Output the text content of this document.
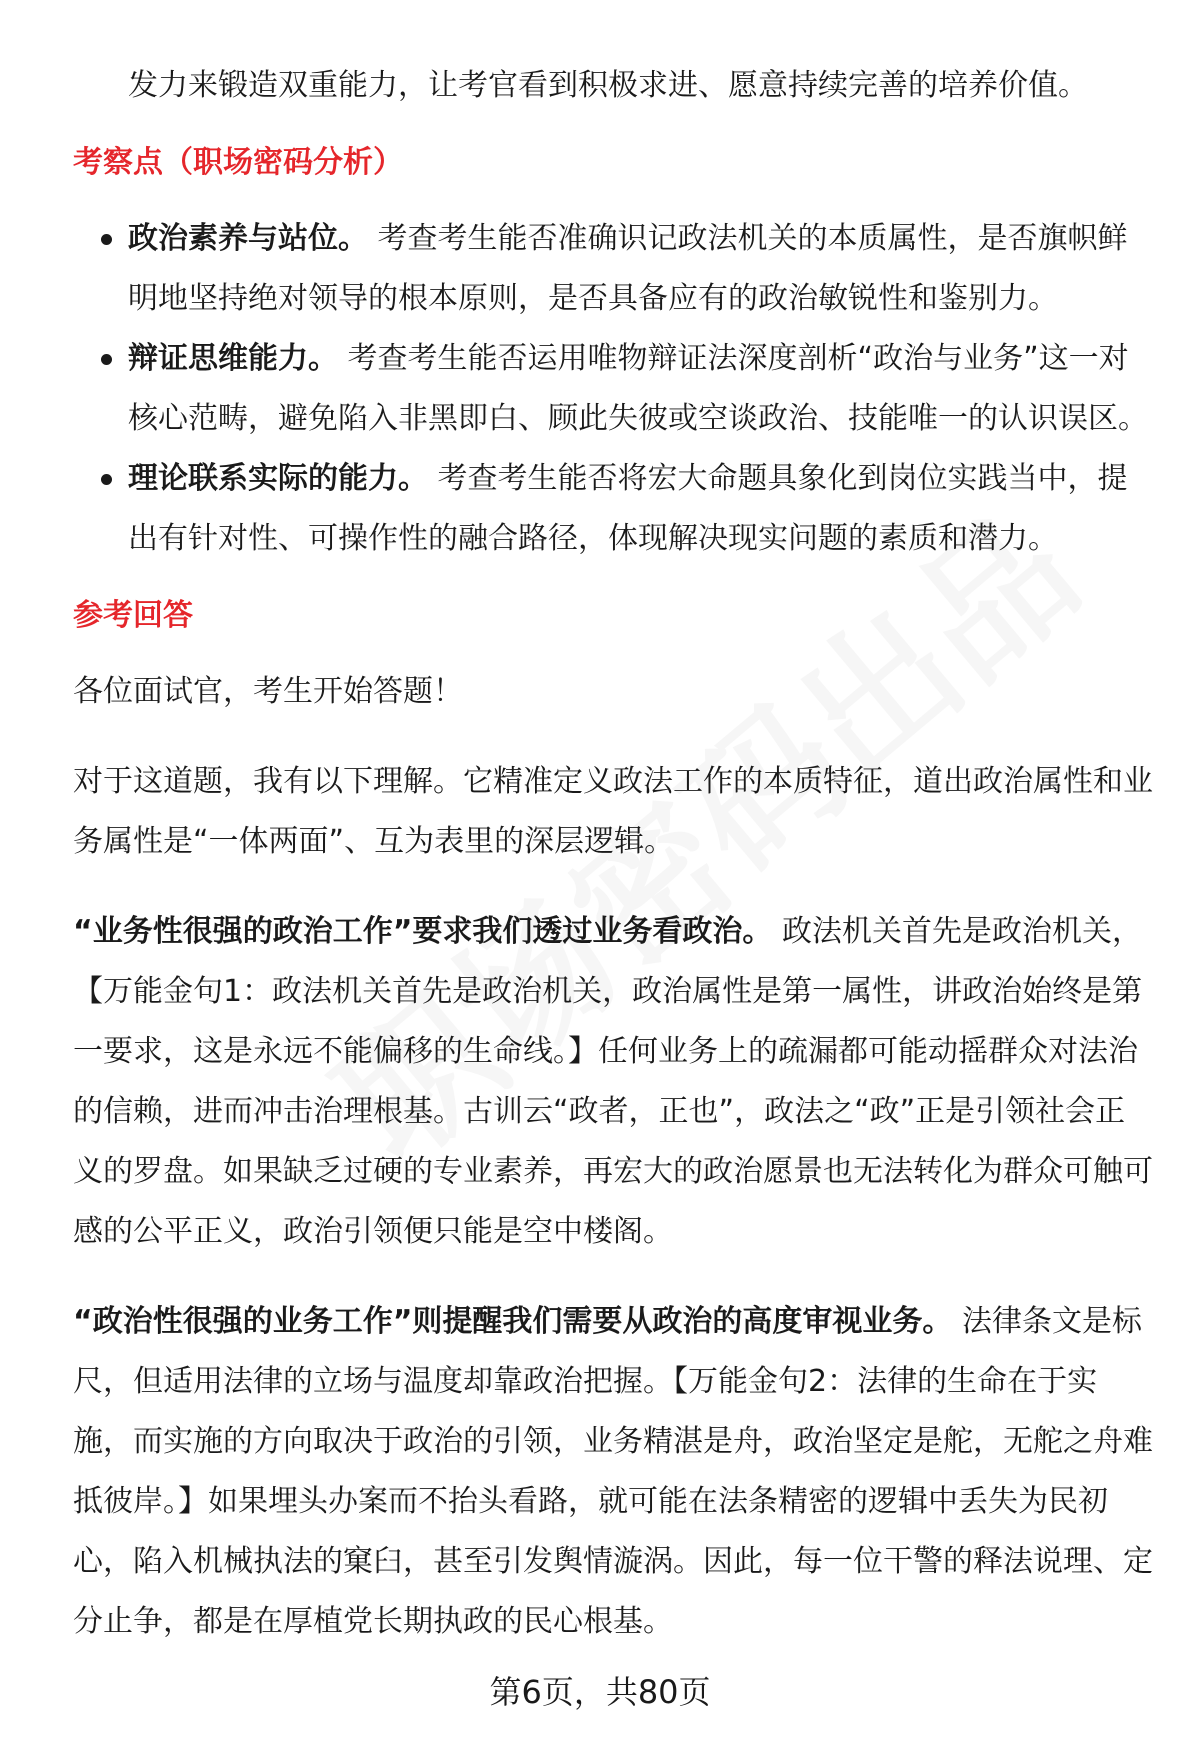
发力来锻造双重能力，让考官看到积极求进、愿意持续完善的培养价值。

考察点（职场密码分析）
政治素养与站位。 考查考生能否准确识记政法机关的本质属性，是否旗帜鲜明地坚持绝对领导的根本原则，是否具备应有的政治敏锐性和鉴别力。
辩证思维能力。 考查考生能否运用唯物辩证法深度剖析“政治与业务”这一对核心范畴，避免陷入非黑即白、顾此失彼或空谈政治、技能唯一的认识误区。
理论联系实际的能力。 考查考生能否将宏大命题具象化到岗位实践当中，提出有针对性、可操作性的融合路径，体现解决现实问题的素质和潜力。
参考回答

各位面试官，考生开始答题！

对于这道题，我有以下理解。它精准定义政法工作的本质特征，道出政治属性和业务属性是“一体两面”、互为表里的深层逻辑。

“业务性很强的政治工作”要求我们透过业务看政治。 政法机关首先是政治机关，【万能金句1：政法机关首先是政治机关，政治属性是第一属性，讲政治始终是第一要求，这是永远不能偏移的生命线。】任何业务上的疏漏都可能动摇群众对法治的信赖，进而冲击治理根基。古训云“政者，正也”，政法之“政”正是引领社会正义的罗盘。如果缺乏过硬的专业素养，再宏大的政治愿景也无法转化为群众可触可感的公平正义，政治引领便只能是空中楼阁。

“政治性很强的业务工作”则提醒我们需要从政治的高度审视业务。 法律条文是标尺，但适用法律的立场与温度却靠政治把握。【万能金句2：法律的生命在于实施，而实施的方向取决于政治的引领，业务精湛是舟，政治坚定是舵，无舵之舟难抵彼岸。】如果埋头办案而不抬头看路，就可能在法条精密的逻辑中丢失为民初心，陷入机械执法的窠臼，甚至引发舆情漩涡。因此，每一位干警的释法说理、定分止争，都是在厚植党长期执政的民心根基。

第6页，共80页
